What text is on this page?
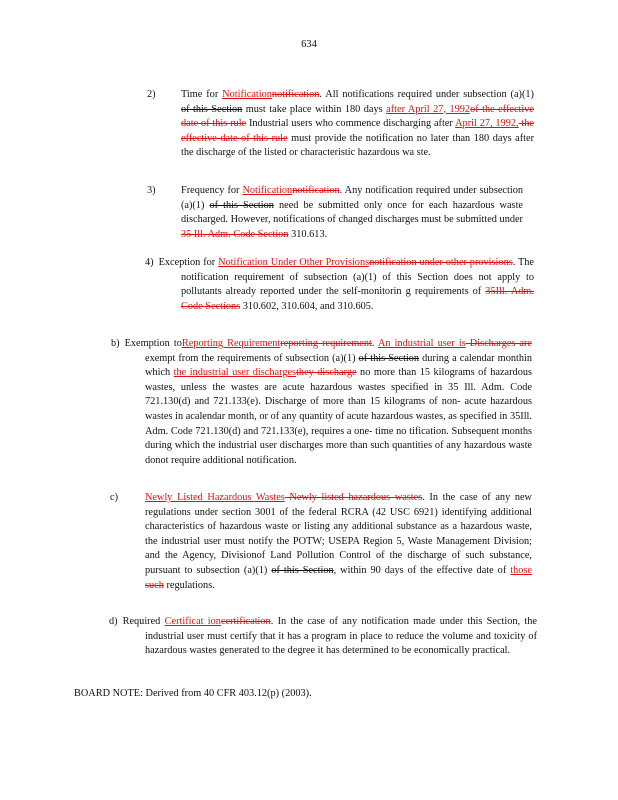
634
2) Time for Notificationnotification. All notifications required under subsection (a)(1) of this Section must take place within 180 days after April 27, 1992of the effective date of this rule Industrial users who commence discharging after April 27, 1992, the effective date of this rule must provide the notification no later than 180 days after the discharge of the listed or characteristic hazardous wa ste.
3) Frequency for Notificationnotification. Any notification required under subsection (a)(1) of this Section need be submitted only once for each hazardous waste discharged. However, notifications of changed discharges must be submitted under 35 Ill. Adm. Code Section 310.613.
4) Exception for Notification Under Other Provisionsnotification under other provisions. The notification requirement of subsection (a)(1) of this Section does not apply to pollutants already reported under the self-monitorin g requirements of 35Ill. Adm. Code Sections 310.602, 310.604, and 310.605.
b) Exemption toReporting Requirementreporting requirement. An industrial user is Discharges are exempt from the requirements of subsection (a)(1) of this Section during a calendar monthin which the industrial user dischargesthey discharge no more than 15 kilograms of hazardous wastes, unless the wastes are acute hazardous wastes specified in 35 Ill. Adm. Code 721.130(d) and 721.133(e). Discharge of more than 15 kilograms of non- acute hazardous wastes in acalendar month, or of any quantity of acute hazardous wastes, as specified in 35Ill. Adm. Code 721.130(d) and 721.133(e), requires a one- time no tification. Subsequent months during which the industrial user discharges more than such quantities of any hazardous waste donot require additional notification.
c)	Newly Listed Hazardous Wastes Newly listed hazardous wastes. In the case of any new regulations under section 3001 of the federal RCRA (42 USC 6921) identifying additional characteristics of hazardous waste or listing any additional substance as a hazardous waste, the industrial user must notify the POTW; USEPA Region 5, Waste Management Division; and the Agency, Divisionof Land Pollution Control of the discharge of such substance, pursuant to subsection (a)(1) of this Section, within 90 days of the effective date of those such regulations.
d) Required Certificat ioncertification. In the case of any notification made under this Section, the industrial user must certify that it has a program in place to reduce the volume and toxicity of hazardous wastes generated to the degree it has determined to be economically practical.
BOARD NOTE: Derived from 40 CFR 403.12(p) (2003).
